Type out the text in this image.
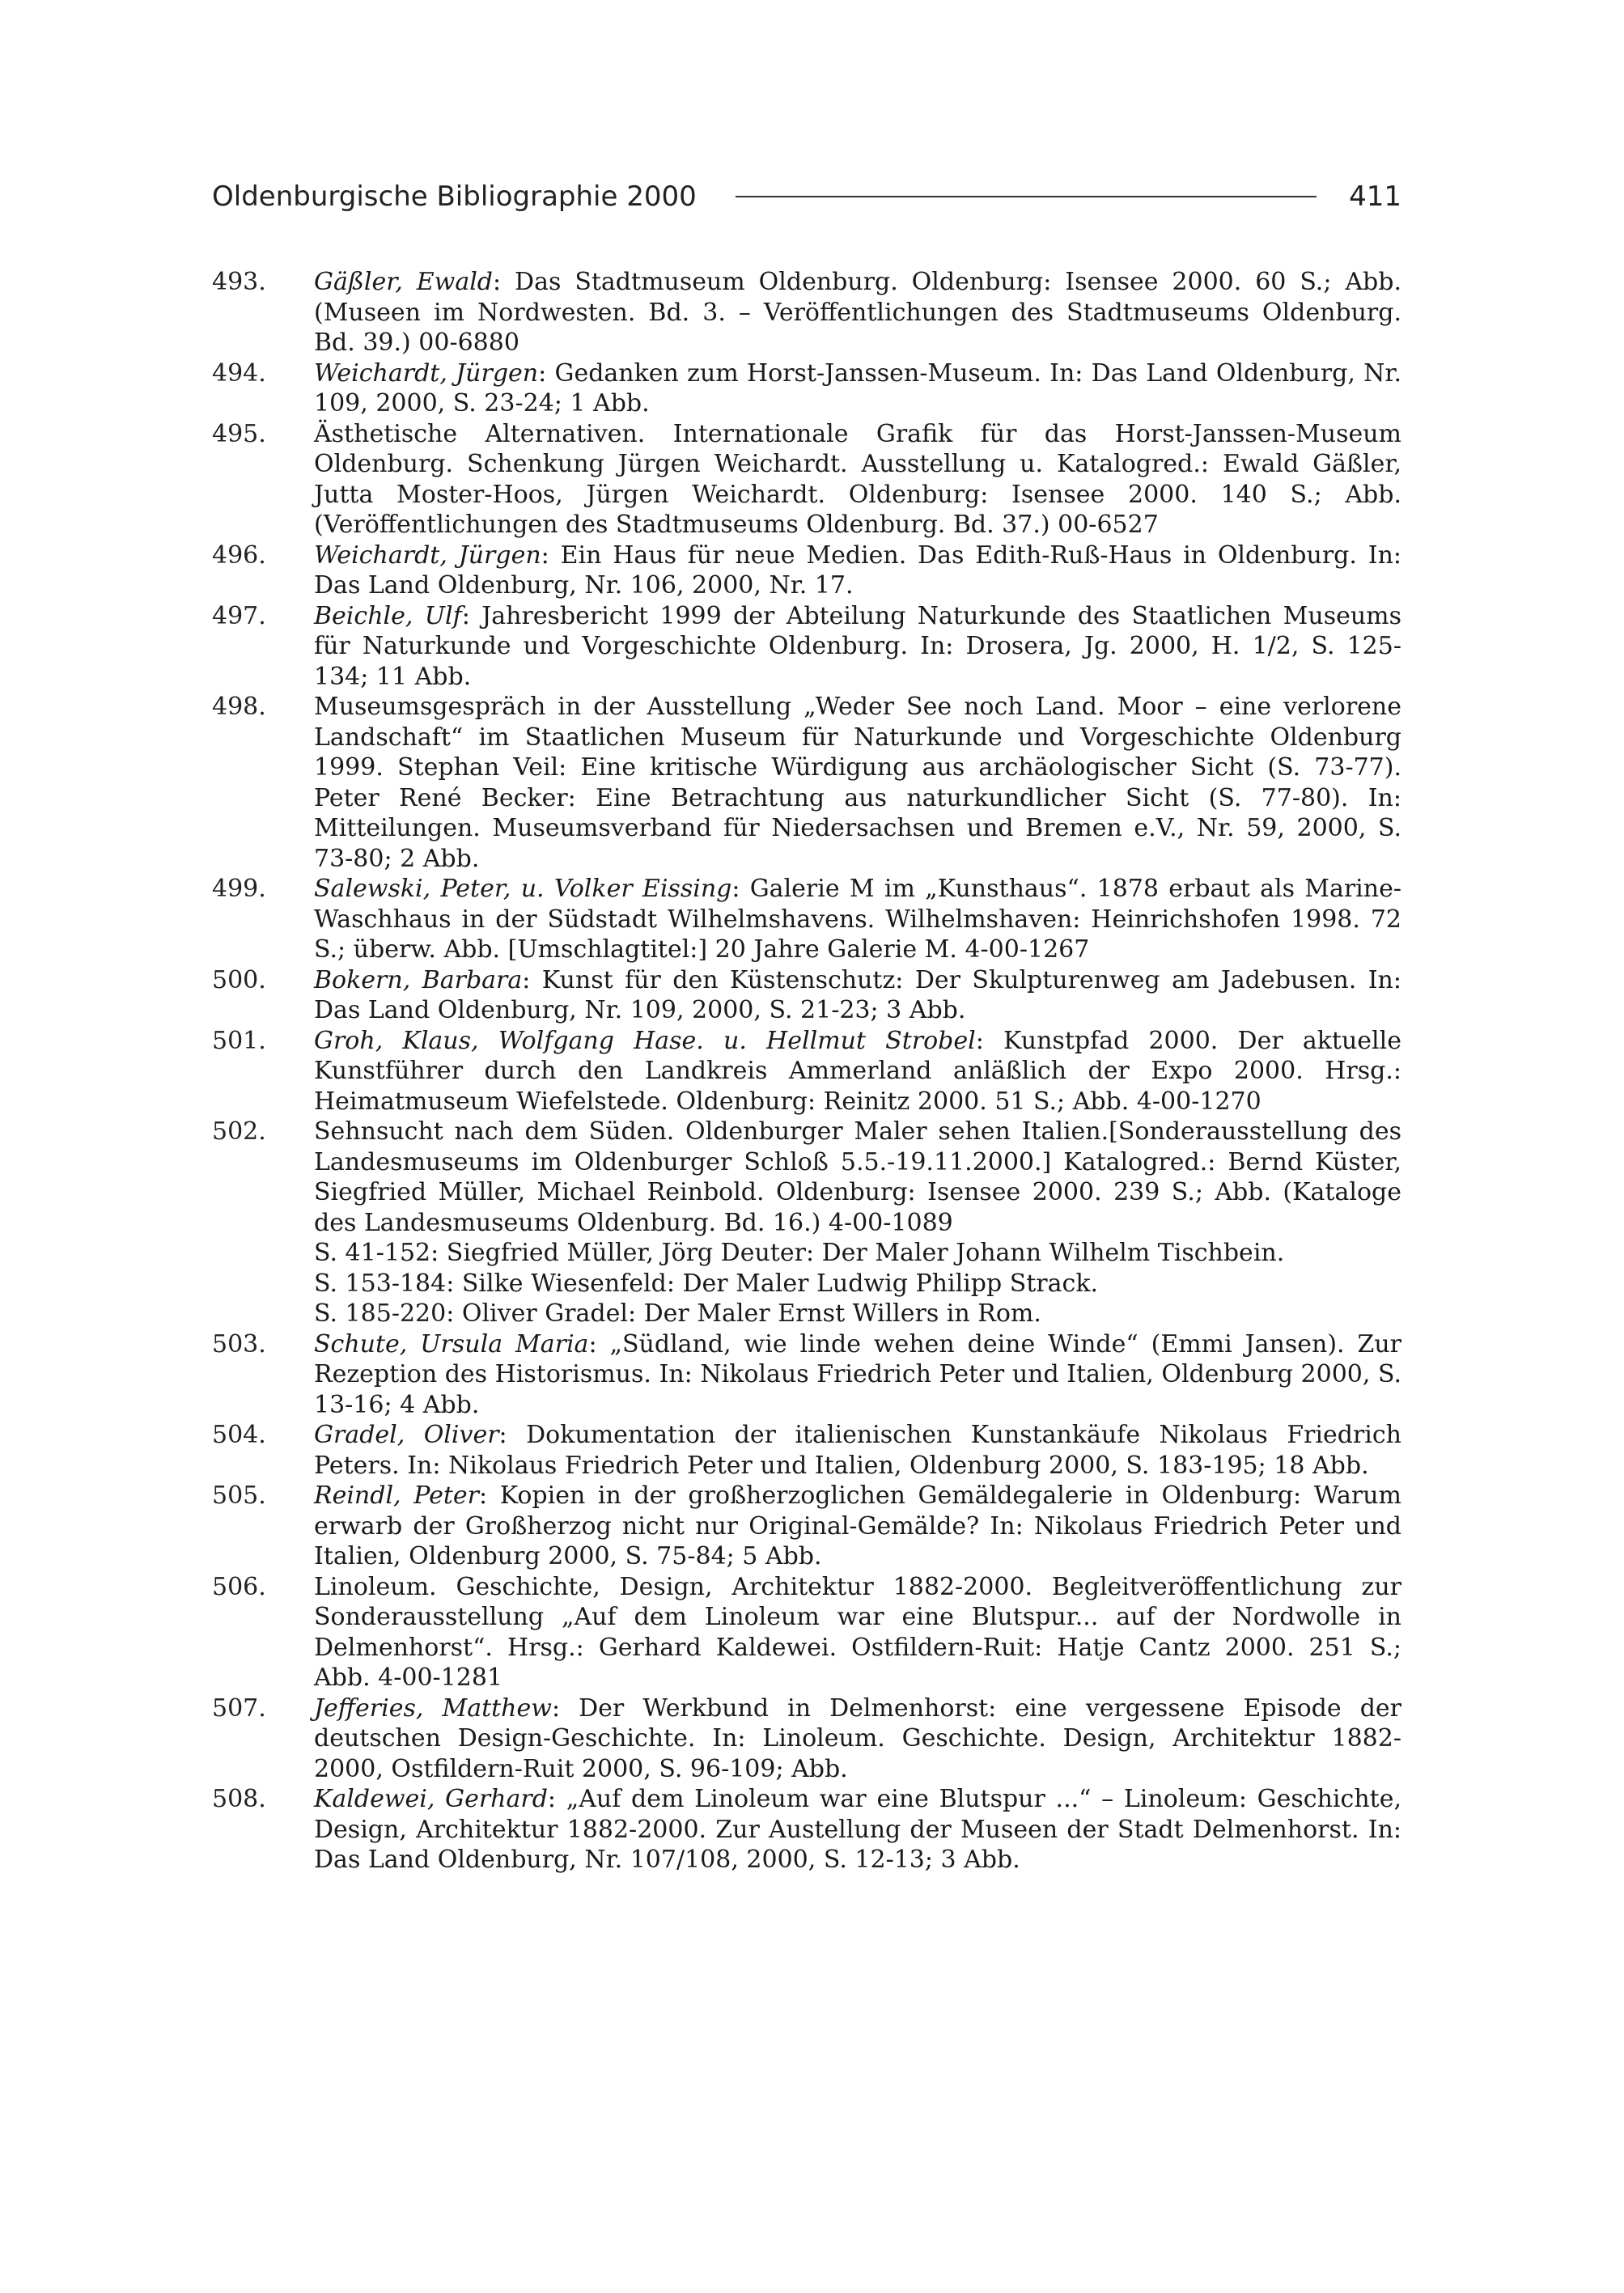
Oldenburgische Bibliographie 2000	411
493.	Gäßler, Ewald: Das Stadtmuseum Oldenburg. Oldenburg: Isensee 2000. 60 S.; Abb. (Museen im Nordwesten. Bd. 3. – Veröffentlichungen des Stadtmuseums Oldenburg. Bd. 39.) 00-6880
494.	Weichardt, Jürgen: Gedanken zum Horst-Janssen-Museum. In: Das Land Oldenburg, Nr. 109, 2000, S. 23-24; 1 Abb.
495.	Ästhetische Alternativen. Internationale Grafik für das Horst-Janssen-Museum Oldenburg. Schenkung Jürgen Weichardt. Ausstellung u. Katalogred.: Ewald Gäßler, Jutta Moster-Hoos, Jürgen Weichardt. Oldenburg: Isensee 2000. 140 S.; Abb. (Veröffentlichungen des Stadtmuseums Oldenburg. Bd. 37.) 00-6527
496.	Weichardt, Jürgen: Ein Haus für neue Medien. Das Edith-Ruß-Haus in Oldenburg. In: Das Land Oldenburg, Nr. 106, 2000, Nr. 17.
497.	Beichle, Ulf: Jahresbericht 1999 der Abteilung Naturkunde des Staatlichen Museums für Naturkunde und Vorgeschichte Oldenburg. In: Drosera, Jg. 2000, H. 1/2, S. 125-134; 11 Abb.
498.	Museumsgespräch in der Ausstellung „Weder See noch Land. Moor – eine verlorene Landschaft“ im Staatlichen Museum für Naturkunde und Vorgeschichte Oldenburg 1999. Stephan Veil: Eine kritische Würdigung aus archäologischer Sicht (S. 73-77). Peter René Becker: Eine Betrachtung aus naturkundlicher Sicht (S. 77-80). In: Mitteilungen. Museumsverband für Niedersachsen und Bremen e.V., Nr. 59, 2000, S. 73-80; 2 Abb.
499.	Salewski, Peter, u. Volker Eissing: Galerie M im „Kunsthaus“. 1878 erbaut als Marine-Waschhaus in der Südstadt Wilhelmshavens. Wilhelmshaven: Heinrichshofen 1998. 72 S.; überw. Abb. [Umschlagtitel:] 20 Jahre Galerie M. 4-00-1267
500.	Bokern, Barbara: Kunst für den Küstenschutz: Der Skulpturenweg am Jadebusen. In: Das Land Oldenburg, Nr. 109, 2000, S. 21-23; 3 Abb.
501.	Groh, Klaus, Wolfgang Hase. u. Hellmut Strobel: Kunstpfad 2000. Der aktuelle Kunstführer durch den Landkreis Ammerland anläßlich der Expo 2000. Hrsg.: Heimatmuseum Wiefelstede. Oldenburg: Reinitz 2000. 51 S.; Abb. 4-00-1270
502.	Sehnsucht nach dem Süden. Oldenburger Maler sehen Italien.[Sonderausstellung des Landesmuseums im Oldenburger Schloß 5.5.-19.11.2000.] Katalogred.: Bernd Küster, Siegfried Müller, Michael Reinbold. Oldenburg: Isensee 2000. 239 S.; Abb. (Kataloge des Landesmuseums Oldenburg. Bd. 16.) 4-00-1089
S. 41-152: Siegfried Müller, Jörg Deuter: Der Maler Johann Wilhelm Tischbein.
S. 153-184: Silke Wiesenfeld: Der Maler Ludwig Philipp Strack.
S. 185-220: Oliver Gradel: Der Maler Ernst Willers in Rom.
503.	Schute, Ursula Maria: „Südland, wie linde wehen deine Winde“ (Emmi Jansen). Zur Rezeption des Historismus. In: Nikolaus Friedrich Peter und Italien, Oldenburg 2000, S. 13-16; 4 Abb.
504.	Gradel, Oliver: Dokumentation der italienischen Kunstankäufe Nikolaus Friedrich Peters. In: Nikolaus Friedrich Peter und Italien, Oldenburg 2000, S. 183-195; 18 Abb.
505.	Reindl, Peter: Kopien in der großherzoglichen Gemäldegalerie in Oldenburg: Warum erwarb der Großherzog nicht nur Original-Gemälde? In: Nikolaus Friedrich Peter und Italien, Oldenburg 2000, S. 75-84; 5 Abb.
506.	Linoleum. Geschichte, Design, Architektur 1882-2000. Begleitveröffentlichung zur Sonderausstellung „Auf dem Linoleum war eine Blutspur... auf der Nordwolle in Delmenhorst“. Hrsg.: Gerhard Kaldewei. Ostfildern-Ruit: Hatje Cantz 2000. 251 S.; Abb. 4-00-1281
507.	Jefferies, Matthew: Der Werkbund in Delmenhorst: eine vergessene Episode der deutschen Design-Geschichte. In: Linoleum. Geschichte. Design, Architektur 1882-2000, Ostfildern-Ruit 2000, S. 96-109; Abb.
508.	Kaldewei, Gerhard: „Auf dem Linoleum war eine Blutspur ...“ – Linoleum: Geschichte, Design, Architektur 1882-2000. Zur Austellung der Museen der Stadt Delmenhorst. In: Das Land Oldenburg, Nr. 107/108, 2000, S. 12-13; 3 Abb.
